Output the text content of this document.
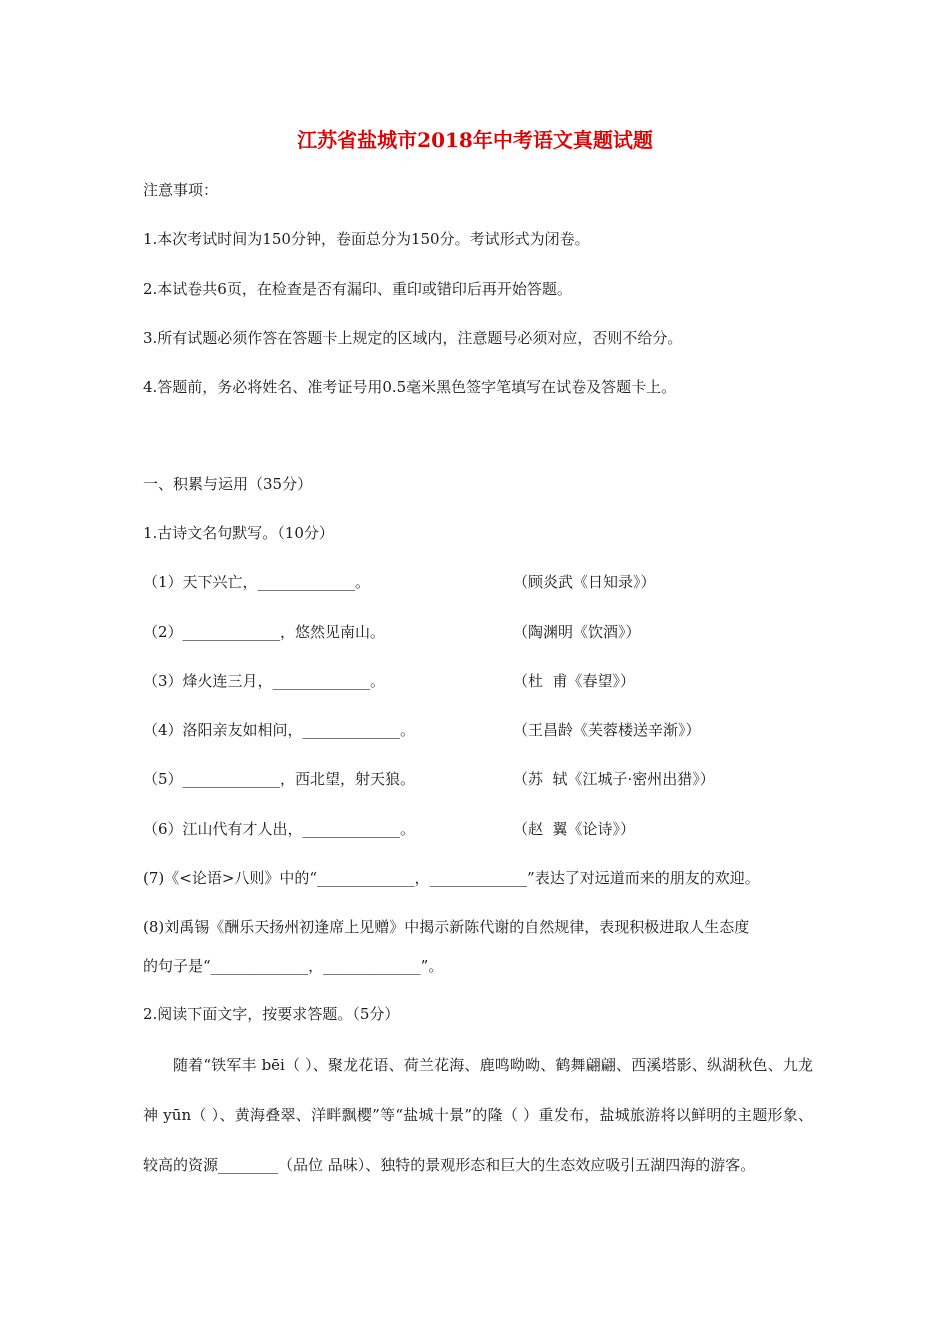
江苏省盐城市2018年中考语文真题试题
注意事项：
1.本次考试时间为150分钟，卷面总分为150分。考试形式为闭卷。
2.本试卷共6页，在检查是否有漏印、重印或错印后再开始答题。
3.所有试题必须作答在答题卡上规定的区域内，注意题号必须对应，否则不给分。
4.答题前，务必将姓名、准考证号用0.5毫米黑色签字笔填写在试卷及答题卡上。
一、积累与运用（35分）
1.古诗文名句默写。（10分）
（1）天下兴亡，_____________。	（顾炎武《日知录》）
（2）_____________，悠然见南山。	（陶渊明《饮酒》）
（3）烽火连三月，_____________。	（杜  甫《春望》）
（4）洛阳亲友如相问，_____________。	（王昌龄《芙蓉楼送辛渐》）
（5）_____________，西北望，射天狼。	（苏  轼《江城子·密州出猎》）
（6）江山代有才人出，_____________。	（赵  翼《论诗》）
(7)《<论语>八则》中的“_____________，_____________”表达了对远道而来的朋友的欢迎。
(8)刘禹锡《酬乐天扬州初逢席上见赠》中揭示新陈代谢的自然规律，表现积极进取人生态度
的句子是“_____________，_____________”。
2.阅读下面文字，按要求答题。（5分）
随着“铁军丰 bēi（ ）、聚龙花语、荷兰花海、鹿鸣呦呦、鹤舞翩翩、西溪塔影、纵湖秋色、九龙神 yūn（ ）、黄海叠翠、洋畔飘樱”等“盐城十景”的隆（ ）重发布，盐城旅游将以鲜明的主题形象、较高的资源________（品位 品味）、独特的景观形态和巨大的生态效应吸引五湖四海的游客。
